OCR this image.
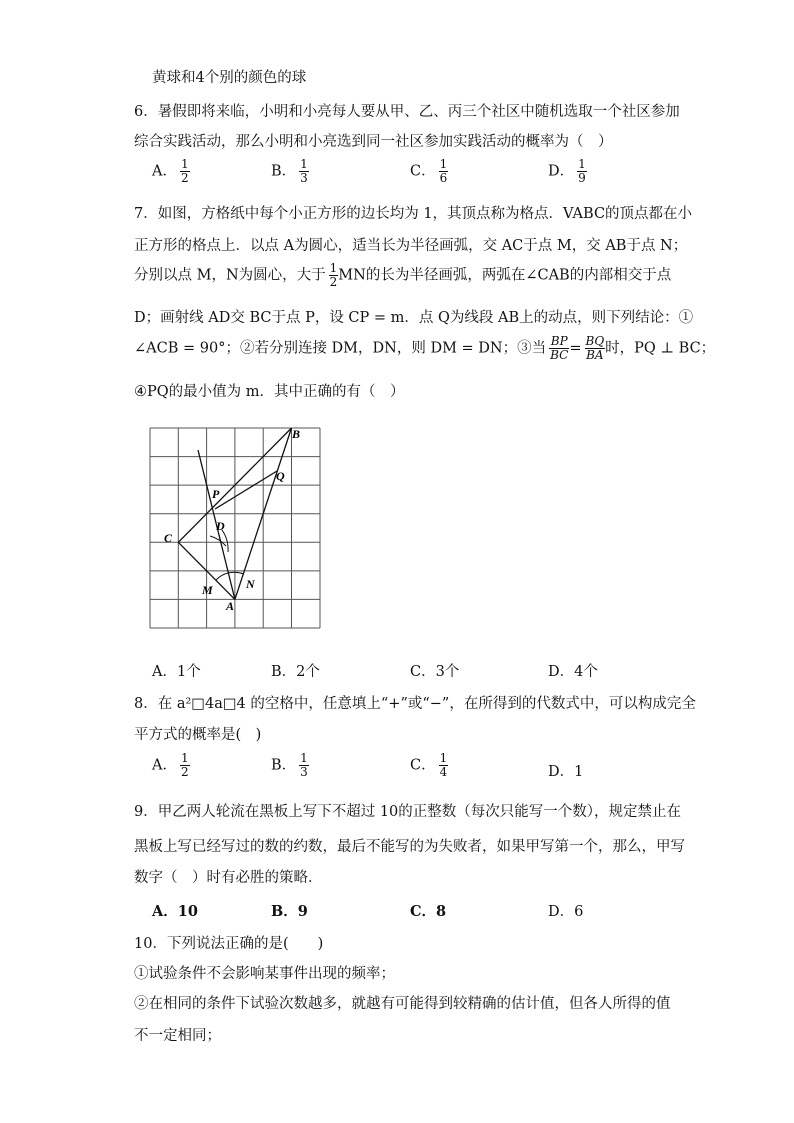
黄球和4个别的颜色的球
6．暑假即将来临，小明和小亮每人要从甲、乙、丙三个社区中随机选取一个社区参加
综合实践活动，那么小明和小亮选到同一社区参加实践活动的概率为（　）
A． $\frac{1}{2}$	B． $\frac{1}{3}$	C． $\frac{1}{6}$	D． $\frac{1}{9}$
7．如图，方格纸中每个小正方形的边长均为 1，其顶点称为格点．VABC的顶点都在小
正方形的格点上．以点 A为圆心，适当长为半径画弧，交 AC于点 M，交 AB于点 N；
分别以点 M，N为圆心，大于 $\frac{1}{2}$ MN的长为半径画弧，两弧在∠CAB的内部相交于点
D；画射线 AD交 BC于点 P，设 CP = m．点 Q为线段 AB上的动点，则下列结论：①
∠ACB = 90°；②若分别连接 DM，DN，则 DM = DN；③当 $\frac{BP}{BC} = \frac{BQ}{BA}$ 时，PQ ⊥ BC；
④PQ的最小值为 m．其中正确的有（　）
B
Q
P
D
C
M	N
A
A．1个	B．2个	C．3个	D．4个
8．在 a²□4a□4 的空格中，任意填上“+”或“−”，在所得到的代数式中，可以构成完全
平方式的概率是(　)
A． $\frac{1}{2}$	B． $\frac{1}{3}$	C． $\frac{1}{4}$	D．1
9．甲乙两人轮流在黑板上写下不超过 10的正整数（每次只能写一个数），规定禁止在
黑板上写已经写过的数的约数，最后不能写的为失败者，如果甲写第一个，那么，甲写
数字（　）时有必胜的策略．
A．10	B．9	C．8	D．6
10．下列说法正确的是(　　)
①试验条件不会影响某事件出现的频率；
②在相同的条件下试验次数越多，就越有可能得到较精确的估计值，但各人所得的值
不一定相同；
